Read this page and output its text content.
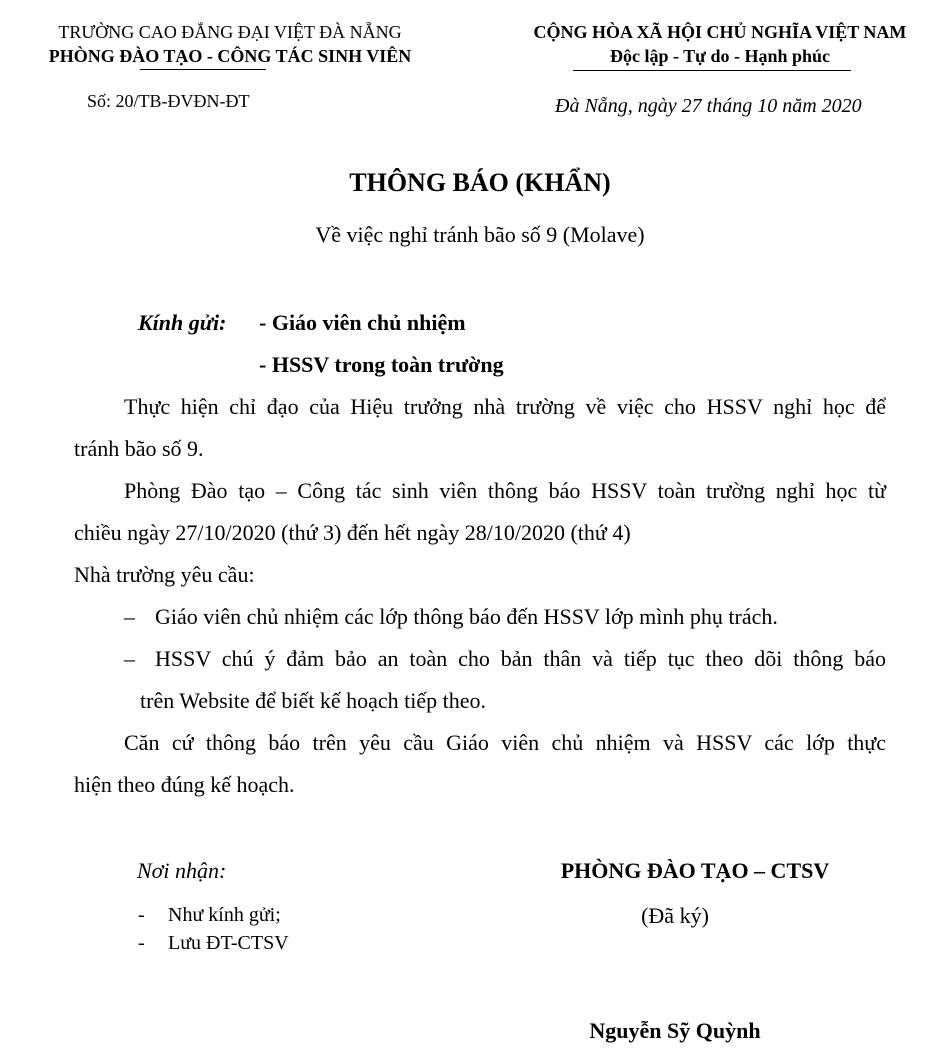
TRƯỜNG CAO ĐẲNG ĐẠI VIỆT ĐÀ NẴNG
PHÒNG ĐÀO TẠO - CÔNG TÁC SINH VIÊN
CỘNG HÒA XÃ HỘI CHỦ NGHĨA VIỆT NAM
Độc lập - Tự do - Hạnh phúc
Số: 20/TB-ĐVĐN-ĐT	Đà Nẵng, ngày 27 tháng 10 năm 2020
THÔNG BÁO (KHẨN)
Về việc nghỉ tránh bão số 9 (Molave)
Kính gửi: - Giáo viên chủ nhiệm
- HSSV trong toàn trường
Thực hiện chỉ đạo của Hiệu trưởng nhà trường về việc cho HSSV nghỉ học để
tránh bão số 9.
Phòng Đào tạo – Công tác sinh viên thông báo HSSV toàn trường nghỉ học từ
chiều ngày 27/10/2020 (thứ 3) đến hết ngày 28/10/2020 (thứ 4)
Nhà trường yêu cầu:
– Giáo viên chủ nhiệm các lớp thông báo đến HSSV lớp mình phụ trách.
– HSSV chú ý đảm bảo an toàn cho bản thân và tiếp tục theo dõi thông báo
trên Website để biết kế hoạch tiếp theo.
Căn cứ thông báo trên yêu cầu Giáo viên chủ nhiệm và HSSV các lớp thực
hiện theo đúng kế hoạch.
Nơi nhận:
- Như kính gửi;
- Lưu ĐT-CTSV
PHÒNG ĐÀO TẠO – CTSV
(Đã ký)
Nguyễn Sỹ Quỳnh
